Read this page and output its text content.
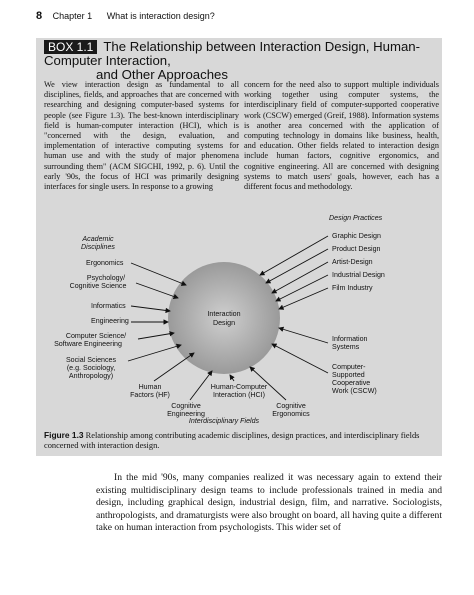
8 Chapter 1 What is interaction design?
BOX 1.1 The Relationship between Interaction Design, Human-Computer Interaction,
and Other Approaches
We view interaction design as fundamental to all disciplines, fields, and approaches that are concerned with researching and designing computer-based systems for people (see Figure 1.3). The best-known interdisciplinary field is human-computer interaction (HCI), which is "concerned with the design, evaluation, and implementation of interactive computing systems for human use and with the study of major phenomena surrounding them" (ACM SIGCHI, 1992, p. 6). Until the early '90s, the focus of HCI was primarily designing interfaces for single users. In response to a growing
concern for the need also to support multiple individuals working together using computer systems, the interdisciplinary field of computer-supported cooperative work (CSCW) emerged (Greif, 1988). Information systems is another area concerned with the application of computing technology in domains like business, health, and education. Other fields related to interaction design include human factors, cognitive ergonomics, and cognitive engineering. All are concerned with designing systems to match users' goals, however, each has a different focus and methodology.
Interaction
Design
Academic
Disciplines
Design Practices
Interdisciplinary Fields
Ergonomics
Psychology/
Cognitive Science
Informatics
Engineering
Computer Science/
Software Engineering
Social Sciences
(e.g. Sociology,
Anthropology)
Graphic Design
Product Design
Artist-Design
Industrial Design
Film Industry
Human
Factors (HF)
Cognitive
Engineering
Human-Computer
Interaction (HCI)
Cognitive
Ergonomics
Information
Systems
Computer-
Supported
Cooperative
Work (CSCW)
Figure 1.3 Relationship among contributing academic disciplines, design practices, and interdisciplinary fields concerned with interaction design.
In the mid '90s, many companies realized it was necessary again to extend their existing multidisciplinary design teams to include professionals trained in media and design, including graphical design, industrial design, film, and narrative. Sociologists, anthropologists, and dramaturgists were also brought on board, all having quite a different take on human interaction from psychologists. This wider set of
